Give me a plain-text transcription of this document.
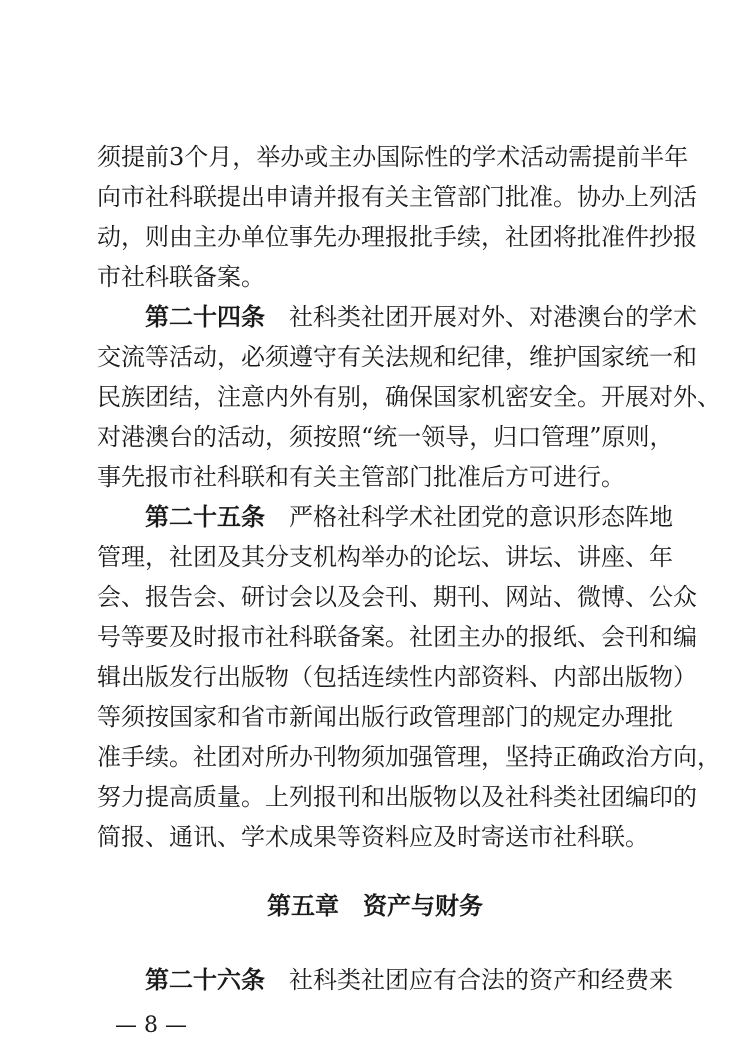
须提前3个月，举办或主办国际性的学术活动需提前半年
向市社科联提出申请并报有关主管部门批准。协办上列活
动，则由主办单位事先办理报批手续，社团将批准件抄报
市社科联备案。
第二十四条 社科类社团开展对外、对港澳台的学术
交流等活动，必须遵守有关法规和纪律，维护国家统一和
民族团结，注意内外有别，确保国家机密安全。开展对外、
对港澳台的活动，须按照“统一领导，归口管理”原则，
事先报市社科联和有关主管部门批准后方可进行。
第二十五条 严格社科学术社团党的意识形态阵地
管理，社团及其分支机构举办的论坛、讲坛、讲座、年
会、报告会、研讨会以及会刊、期刊、网站、微博、公众
号等要及时报市社科联备案。社团主办的报纸、会刊和编
辑出版发行出版物（包括连续性内部资料、内部出版物）
等须按国家和省市新闻出版行政管理部门的规定办理批
准手续。社团对所办刊物须加强管理，坚持正确政治方向，
努力提高质量。上列报刊和出版物以及社科类社团编印的
简报、通讯、学术成果等资料应及时寄送市社科联。
第五章　资产与财务
第二十六条 社科类社团应有合法的资产和经费来
— 8 —
